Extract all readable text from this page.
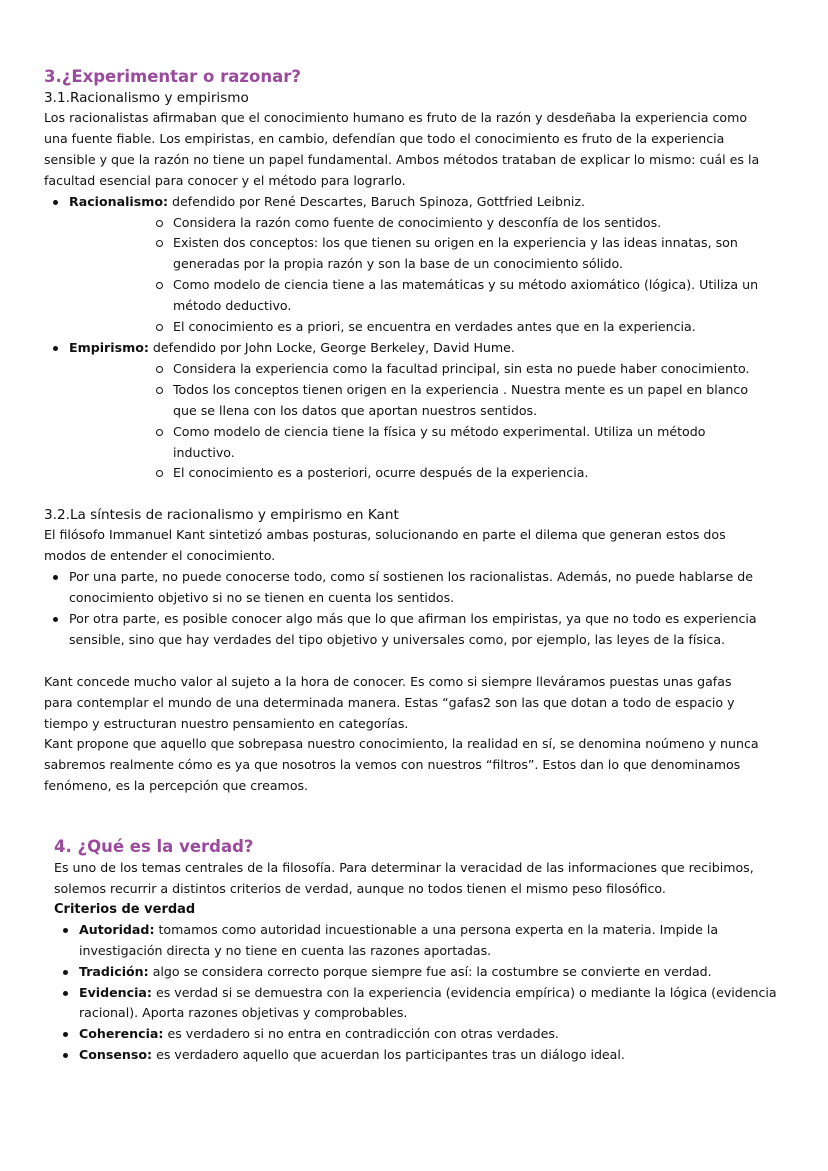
3.¿Experimentar o razonar?
3.1.Racionalismo y empirismo

Los racionalistas afirmaban que el conocimiento humano es fruto de la razón y desdeñaba la experiencia como una fuente fiable. Los empiristas, en cambio, defendían que todo el conocimiento es fruto de la experiencia sensible y que la razón no tiene un papel fundamental. Ambos métodos trataban de explicar lo mismo: cuál es la facultad esencial para conocer y el método para lograrlo.

Racionalismo: defendido por René Descartes, Baruch Spinoza, Gottfried Leibniz.
Considera la razón como fuente de conocimiento y desconfía de los sentidos.
Existen dos conceptos: los que tienen su origen en la experiencia y las ideas innatas, son generadas por la propia razón y son la base de un conocimiento sólido.
Como modelo de ciencia tiene a las matemáticas y su método axiomático (lógica). Utiliza un método deductivo.
El conocimiento es a priori, se encuentra en verdades antes que en la experiencia.
Empirismo: defendido por John Locke, George Berkeley, David Hume.
Considera la experiencia como la facultad principal, sin esta no puede haber conocimiento.
Todos los conceptos tienen origen en la experiencia . Nuestra mente es un papel en blanco que se llena con los datos que aportan nuestros sentidos.
Como modelo de ciencia tiene la física y su método experimental. Utiliza un método inductivo.
El conocimiento es a posteriori, ocurre después de la experiencia.
3.2.La síntesis de racionalismo y empirismo en Kant

El filósofo Immanuel Kant sintetizó ambas posturas, solucionando en parte el dilema que generan estos dos modos de entender el conocimiento.

Por una parte, no puede conocerse todo, como sí sostienen los racionalistas. Además, no puede hablarse de conocimiento objetivo si no se tienen en cuenta los sentidos.
Por otra parte, es posible conocer algo más que lo que afirman los empiristas, ya que no todo es experiencia sensible, sino que hay verdades del tipo objetivo y universales como, por ejemplo, las leyes de la física.

Kant concede mucho valor al sujeto a la hora de conocer. Es como si siempre lleváramos puestas unas gafas para contemplar el mundo de una determinada manera. Estas “gafas2 son las que dotan a todo de espacio y tiempo y estructuran nuestro pensamiento en categorías.

Kant propone que aquello que sobrepasa nuestro conocimiento, la realidad en sí, se denomina noúmeno y nunca sabremos realmente cómo es ya que nosotros la vemos con nuestros “filtros”. Estos dan lo que denominamos fenómeno, es la percepción que creamos.

4. ¿Qué es la verdad?

Es uno de los temas centrales de la filosofía. Para determinar la veracidad de las informaciones que recibimos, solemos recurrir a distintos criterios de verdad, aunque no todos tienen el mismo peso filosófico.

Criterios de verdad
Autoridad: tomamos como autoridad incuestionable a una persona experta en la materia. Impide la investigación directa y no tiene en cuenta las razones aportadas.
Tradición: algo se considera correcto porque siempre fue así: la costumbre se convierte en verdad.
Evidencia: es verdad si se demuestra con la experiencia (evidencia empírica) o mediante la lógica (evidencia racional). Aporta razones objetivas y comprobables.
Coherencia: es verdadero si no entra en contradicción con otras verdades.
Consenso: es verdadero aquello que acuerdan los participantes tras un diálogo ideal.
